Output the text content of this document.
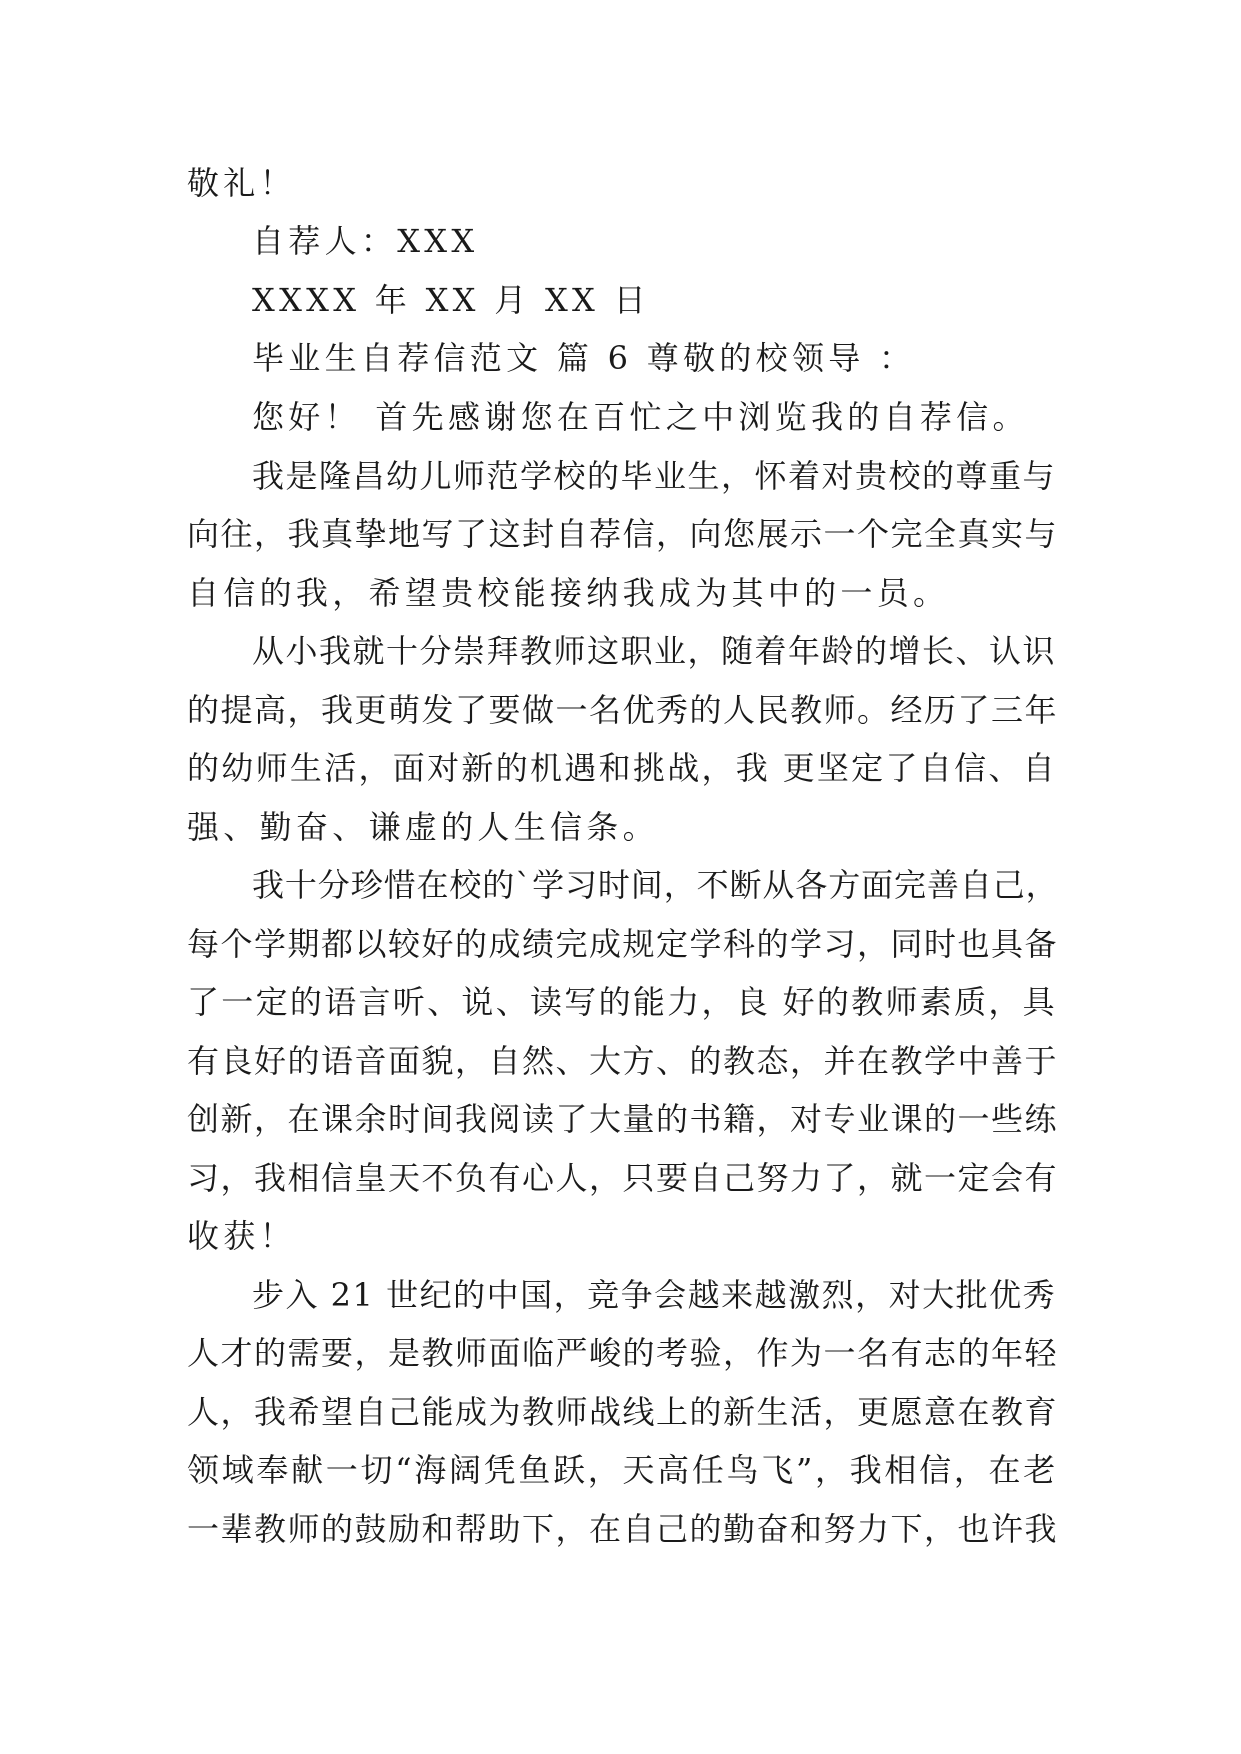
敬礼！

自荐人：XXX

XXXX 年 XX 月 XX 日

毕业生自荐信范文 篇 6 尊敬的校领导 ：

您好！ 首先感谢您在百忙之中浏览我的自荐信。

我是隆昌幼儿师范学校的毕业生，怀着对贵校的尊重与

向往，我真挚地写了这封自荐信，向您展示一个完全真实与

自信的我，希望贵校能接纳我成为其中的一员。

从小我就十分崇拜教师这职业，随着年龄的增长、认识

的提高，我更萌发了要做一名优秀的人民教师。经历了三年

的幼师生活，面对新的机遇和挑战，我 更坚定了自信、自

强、勤奋、谦虚的人生信条。

我十分珍惜在校的`学习时间，不断从各方面完善自己，

每个学期都以较好的成绩完成规定学科的学习，同时也具备

了一定的语言听、说、读写的能力，良 好的教师素质，具

有良好的语音面貌，自然、大方、的教态，并在教学中善于

创新，在课余时间我阅读了大量的书籍，对专业课的一些练

习，我相信皇天不负有心人，只要自己努力了，就一定会有

收获！

步入 21 世纪的中国，竞争会越来越激烈，对大批优秀

人才的需要，是教师面临严峻的考验，作为一名有志的年轻

人，我希望自己能成为教师战线上的新生活，更愿意在教育

领域奉献一切“海阔凭鱼跃，天高任鸟飞”，我相信，在老

一辈教师的鼓励和帮助下，在自己的勤奋和努力下，也许我
